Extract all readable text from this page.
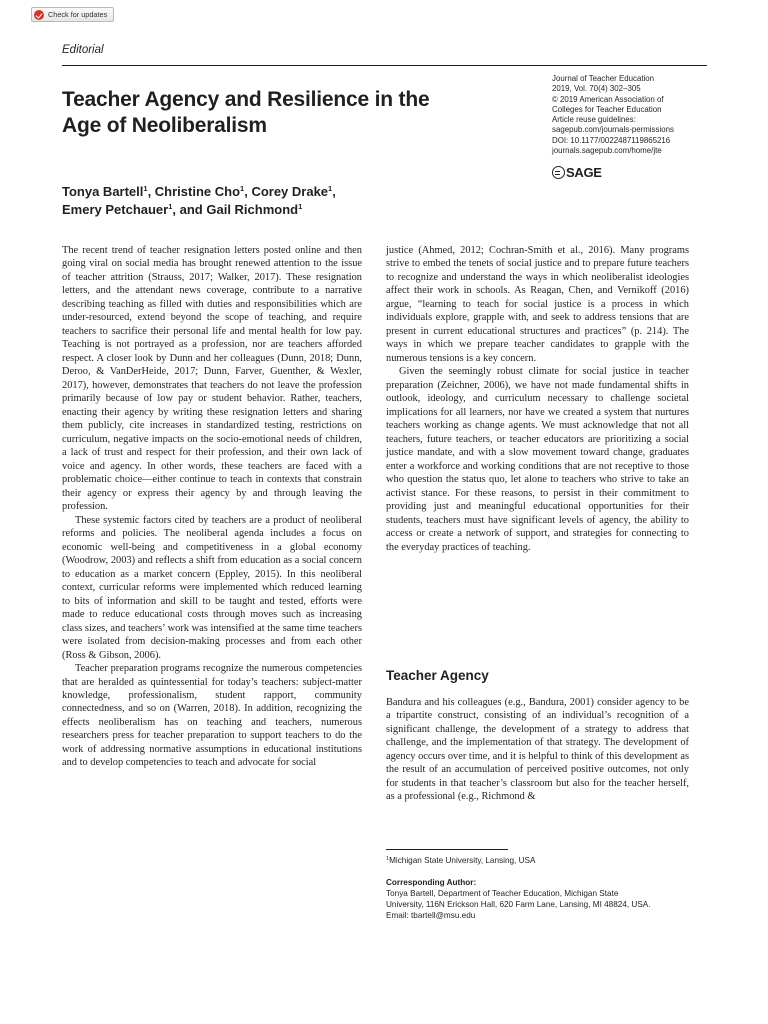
Check for updates
Editorial
Teacher Agency and Resilience in the Age of Neoliberalism
Journal of Teacher Education
2019, Vol. 70(4) 302–305
© 2019 American Association of
Colleges for Teacher Education
Article reuse guidelines:
sagepub.com/journals-permissions
DOI: 10.1177/0022487119865216
journals.sagepub.com/home/jte
SAGE
Tonya Bartell$^1$, Christine Cho$^1$, Corey Drake$^1$,
Emery Petchauer$^1$, and Gail Richmond$^1$

The recent trend of teacher resignation letters posted online and then going viral on social media has brought renewed attention to the issue of teacher attrition (Strauss, 2017; Walker, 2017). These resignation letters, and the attendant news coverage, contribute to a narrative describing teaching as filled with duties and responsibilities which are under-resourced, extend beyond the scope of teaching, and require teachers to sacrifice their personal life and mental health for low pay. Teaching is not portrayed as a profession, nor are teachers afforded respect. A closer look by Dunn and her colleagues (Dunn, 2018; Dunn, Deroo, & VanDerHeide, 2017; Dunn, Farver, Guenther, & Wexler, 2017), however, demonstrates that teachers do not leave the profession primarily because of low pay or student behavior. Rather, teachers, enacting their agency by writing these resignation letters and sharing them publicly, cite increases in standardized testing, restrictions on curriculum, negative impacts on the socio-emotional needs of children, a lack of trust and respect for their profession, and their own lack of voice and agency. In other words, these teachers are faced with a problematic choice—either continue to teach in contexts that constrain their agency or express their agency by and through leaving the profession.

These systemic factors cited by teachers are a product of neoliberal reforms and policies. The neoliberal agenda includes a focus on economic well-being and competitiveness in a global economy (Woodrow, 2003) and reflects a shift from education as a social concern to education as a market concern (Eppley, 2015). In this neoliberal context, curricular reforms were implemented which reduced learning to bits of information and skill to be taught and tested, efforts were made to reduce educational costs through moves such as increasing class sizes, and teachers’ work was intensified at the same time teachers were isolated from decision-making processes and from each other (Ross & Gibson, 2006).

Teacher preparation programs recognize the numerous competencies that are heralded as quintessential for today’s teachers: subject-matter knowledge, professionalism, student rapport, community connectedness, and so on (Warren, 2018). In addition, recognizing the effects neoliberalism has on teaching and teachers, numerous researchers press for teacher preparation to support teachers to do the work of addressing normative assumptions in educational institutions and to develop competencies to teach and advocate for social

justice (Ahmed, 2012; Cochran-Smith et al., 2016). Many programs strive to embed the tenets of social justice and to prepare future teachers to recognize and understand the ways in which neoliberalist ideologies affect their work in schools. As Reagan, Chen, and Vernikoff (2016) argue, “learning to teach for social justice is a process in which individuals explore, grapple with, and seek to address tensions that are present in current educational structures and practices” (p. 214). The ways in which we prepare teacher candidates to grapple with the numerous tensions is a key concern.

Given the seemingly robust climate for social justice in teacher preparation (Zeichner, 2006), we have not made fundamental shifts in outlook, ideology, and curriculum necessary to challenge societal implications for all learners, nor have we created a system that nurtures teachers working as change agents. We must acknowledge that not all teachers, future teachers, or teacher educators are prioritizing a social justice mandate, and with a slow movement toward change, graduates enter a workforce and working conditions that are not receptive to those who question the status quo, let alone to teachers who strive to take an activist stance. For these reasons, to persist in their commitment to providing just and meaningful educational opportunities for their students, teachers must have significant levels of agency, the ability to access or create a network of support, and strategies for connecting to the everyday practices of teaching.

Teacher Agency

Bandura and his colleagues (e.g., Bandura, 2001) consider agency to be a tripartite construct, consisting of an individual’s recognition of a significant challenge, the development of a strategy to address that challenge, and the implementation of that strategy. The development of agency occurs over time, and it is helpful to think of this development as the result of an accumulation of perceived positive outcomes, not only for students in that teacher’s classroom but also for the teacher herself, as a professional (e.g., Richmond &

$^1$Michigan State University, Lansing, USA
Corresponding Author:
Tonya Bartell, Department of Teacher Education, Michigan State
University, 116N Erickson Hall, 620 Farm Lane, Lansing, MI 48824, USA.
Email: tbartell@msu.edu
